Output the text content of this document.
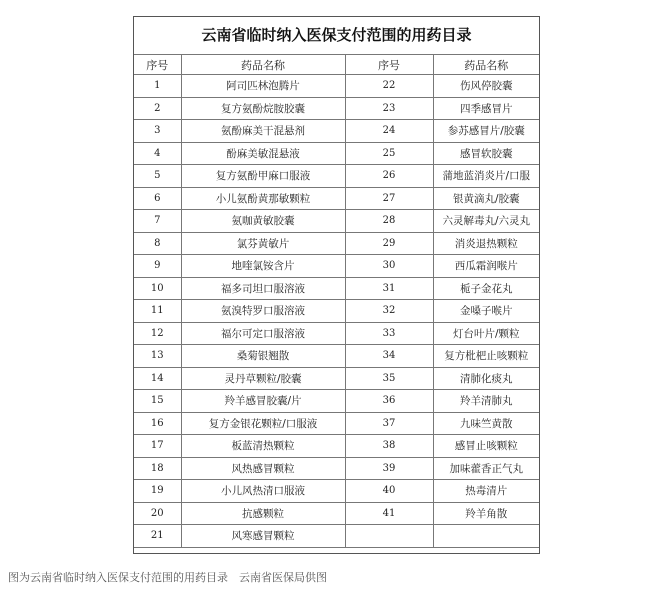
云南省临时纳入医保支付范围的用药目录
序号	药品名称	序号	药品名称
1	阿司匹林泡腾片	22	伤风停胶囊
2	复方氨酚烷胺胶囊	23	四季感冒片
3	氨酚麻美干混悬剂	24	参苏感冒片/胶囊
4	酚麻美敏混悬液	25	感冒软胶囊
5	复方氨酚甲麻口服液	26	蒲地蓝消炎片/口服
6	小儿氨酚黄那敏颗粒	27	银黄滴丸/胶囊
7	氨咖黄敏胶囊	28	六灵解毒丸/六灵丸
8	氯芬黄敏片	29	消炎退热颗粒
9	地喹氯铵含片	30	西瓜霜润喉片
10	福多司坦口服溶液	31	栀子金花丸
11	氨溴特罗口服溶液	32	金嗓子喉片
12	福尔可定口服溶液	33	灯台叶片/颗粒
13	桑菊银翘散	34	复方枇杷止咳颗粒
14	灵丹草颗粒/胶囊	35	清肺化痰丸
15	羚羊感冒胶囊/片	36	羚羊清肺丸
16	复方金银花颗粒/口服液	37	九味竺黄散
17	板蓝清热颗粒	38	感冒止咳颗粒
18	风热感冒颗粒	39	加味藿香正气丸
19	小儿风热清口服液	40	热毒清片
20	抗感颗粒	41	羚羊角散
21	风寒感冒颗粒		
图为云南省临时纳入医保支付范围的用药目录　云南省医保局供图
